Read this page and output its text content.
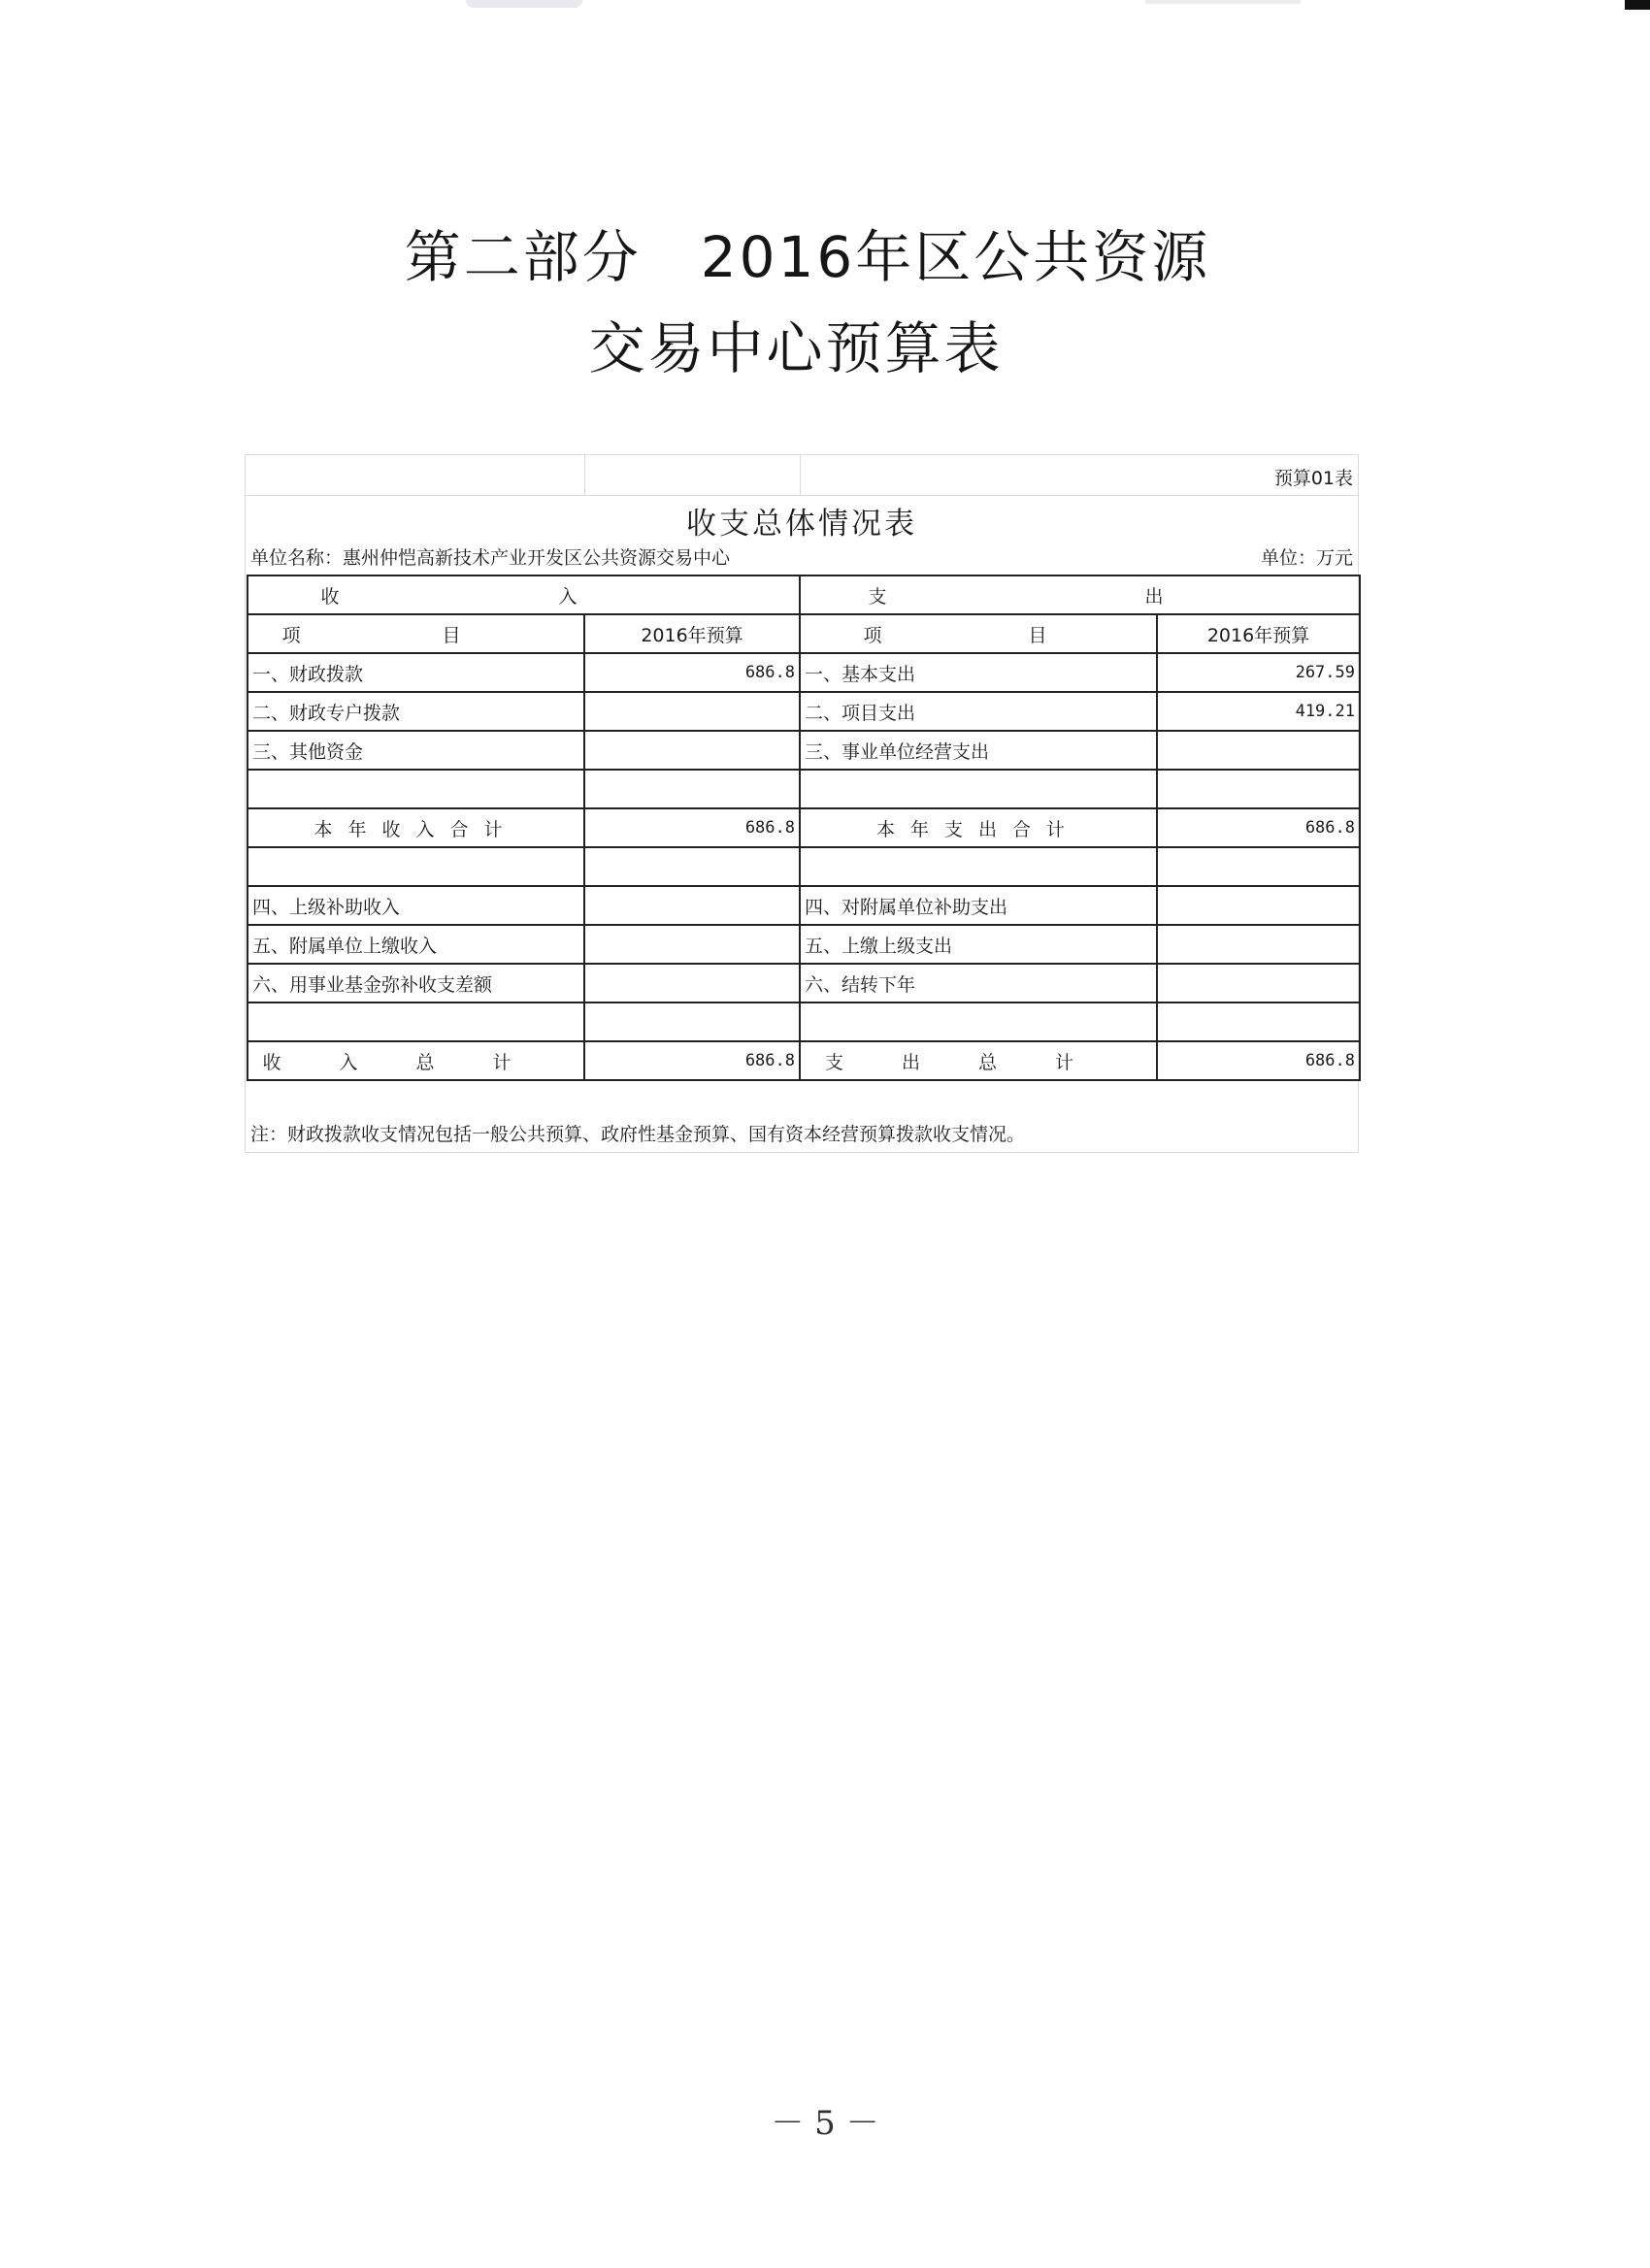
第二部分　2016年区公共资源
交易中心预算表
预算01表
收支总体情况表
单位名称：惠州仲恺高新技术产业开发区公共资源交易中心	单位：万元
收 入		支 出	
项 目	2016年预算	项 目	2016年预算
一、财政拨款	686.8	一、基本支出	267.59
二、财政专户拨款		二、项目支出	419.21
三、其他资金		三、事业单位经营支出	

本年收入合计	686.8	本年支出合计	686.8

四、上级补助收入		四、对附属单位补助支出	
五、附属单位上缴收入		五、上缴上级支出	
六、用事业基金弥补收支差额		六、结转下年	

收入总计	686.8	支出总计	686.8
注：财政拨款收支情况包括一般公共预算、政府性基金预算、国有资本经营预算拨款收支情况。
－ 5 －
